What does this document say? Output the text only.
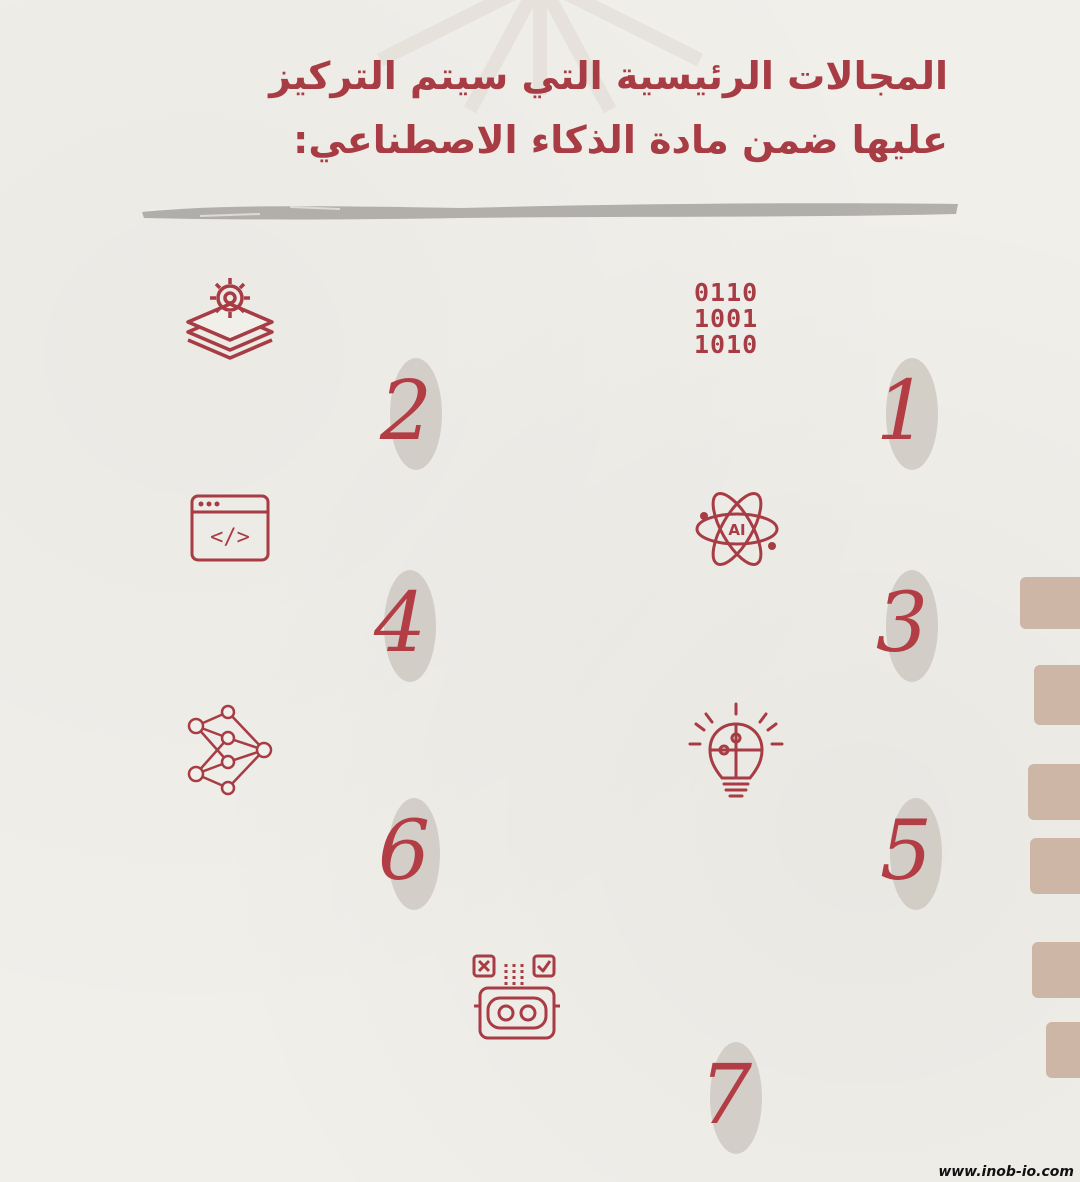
المجالات الرئيسية التي سيتم التركيز
عليها ضمن مادة الذكاء الاصطناعي:
0110
1001
1010

1

2
AI

3
</>

4

5

6

7
www.inob-io.com
